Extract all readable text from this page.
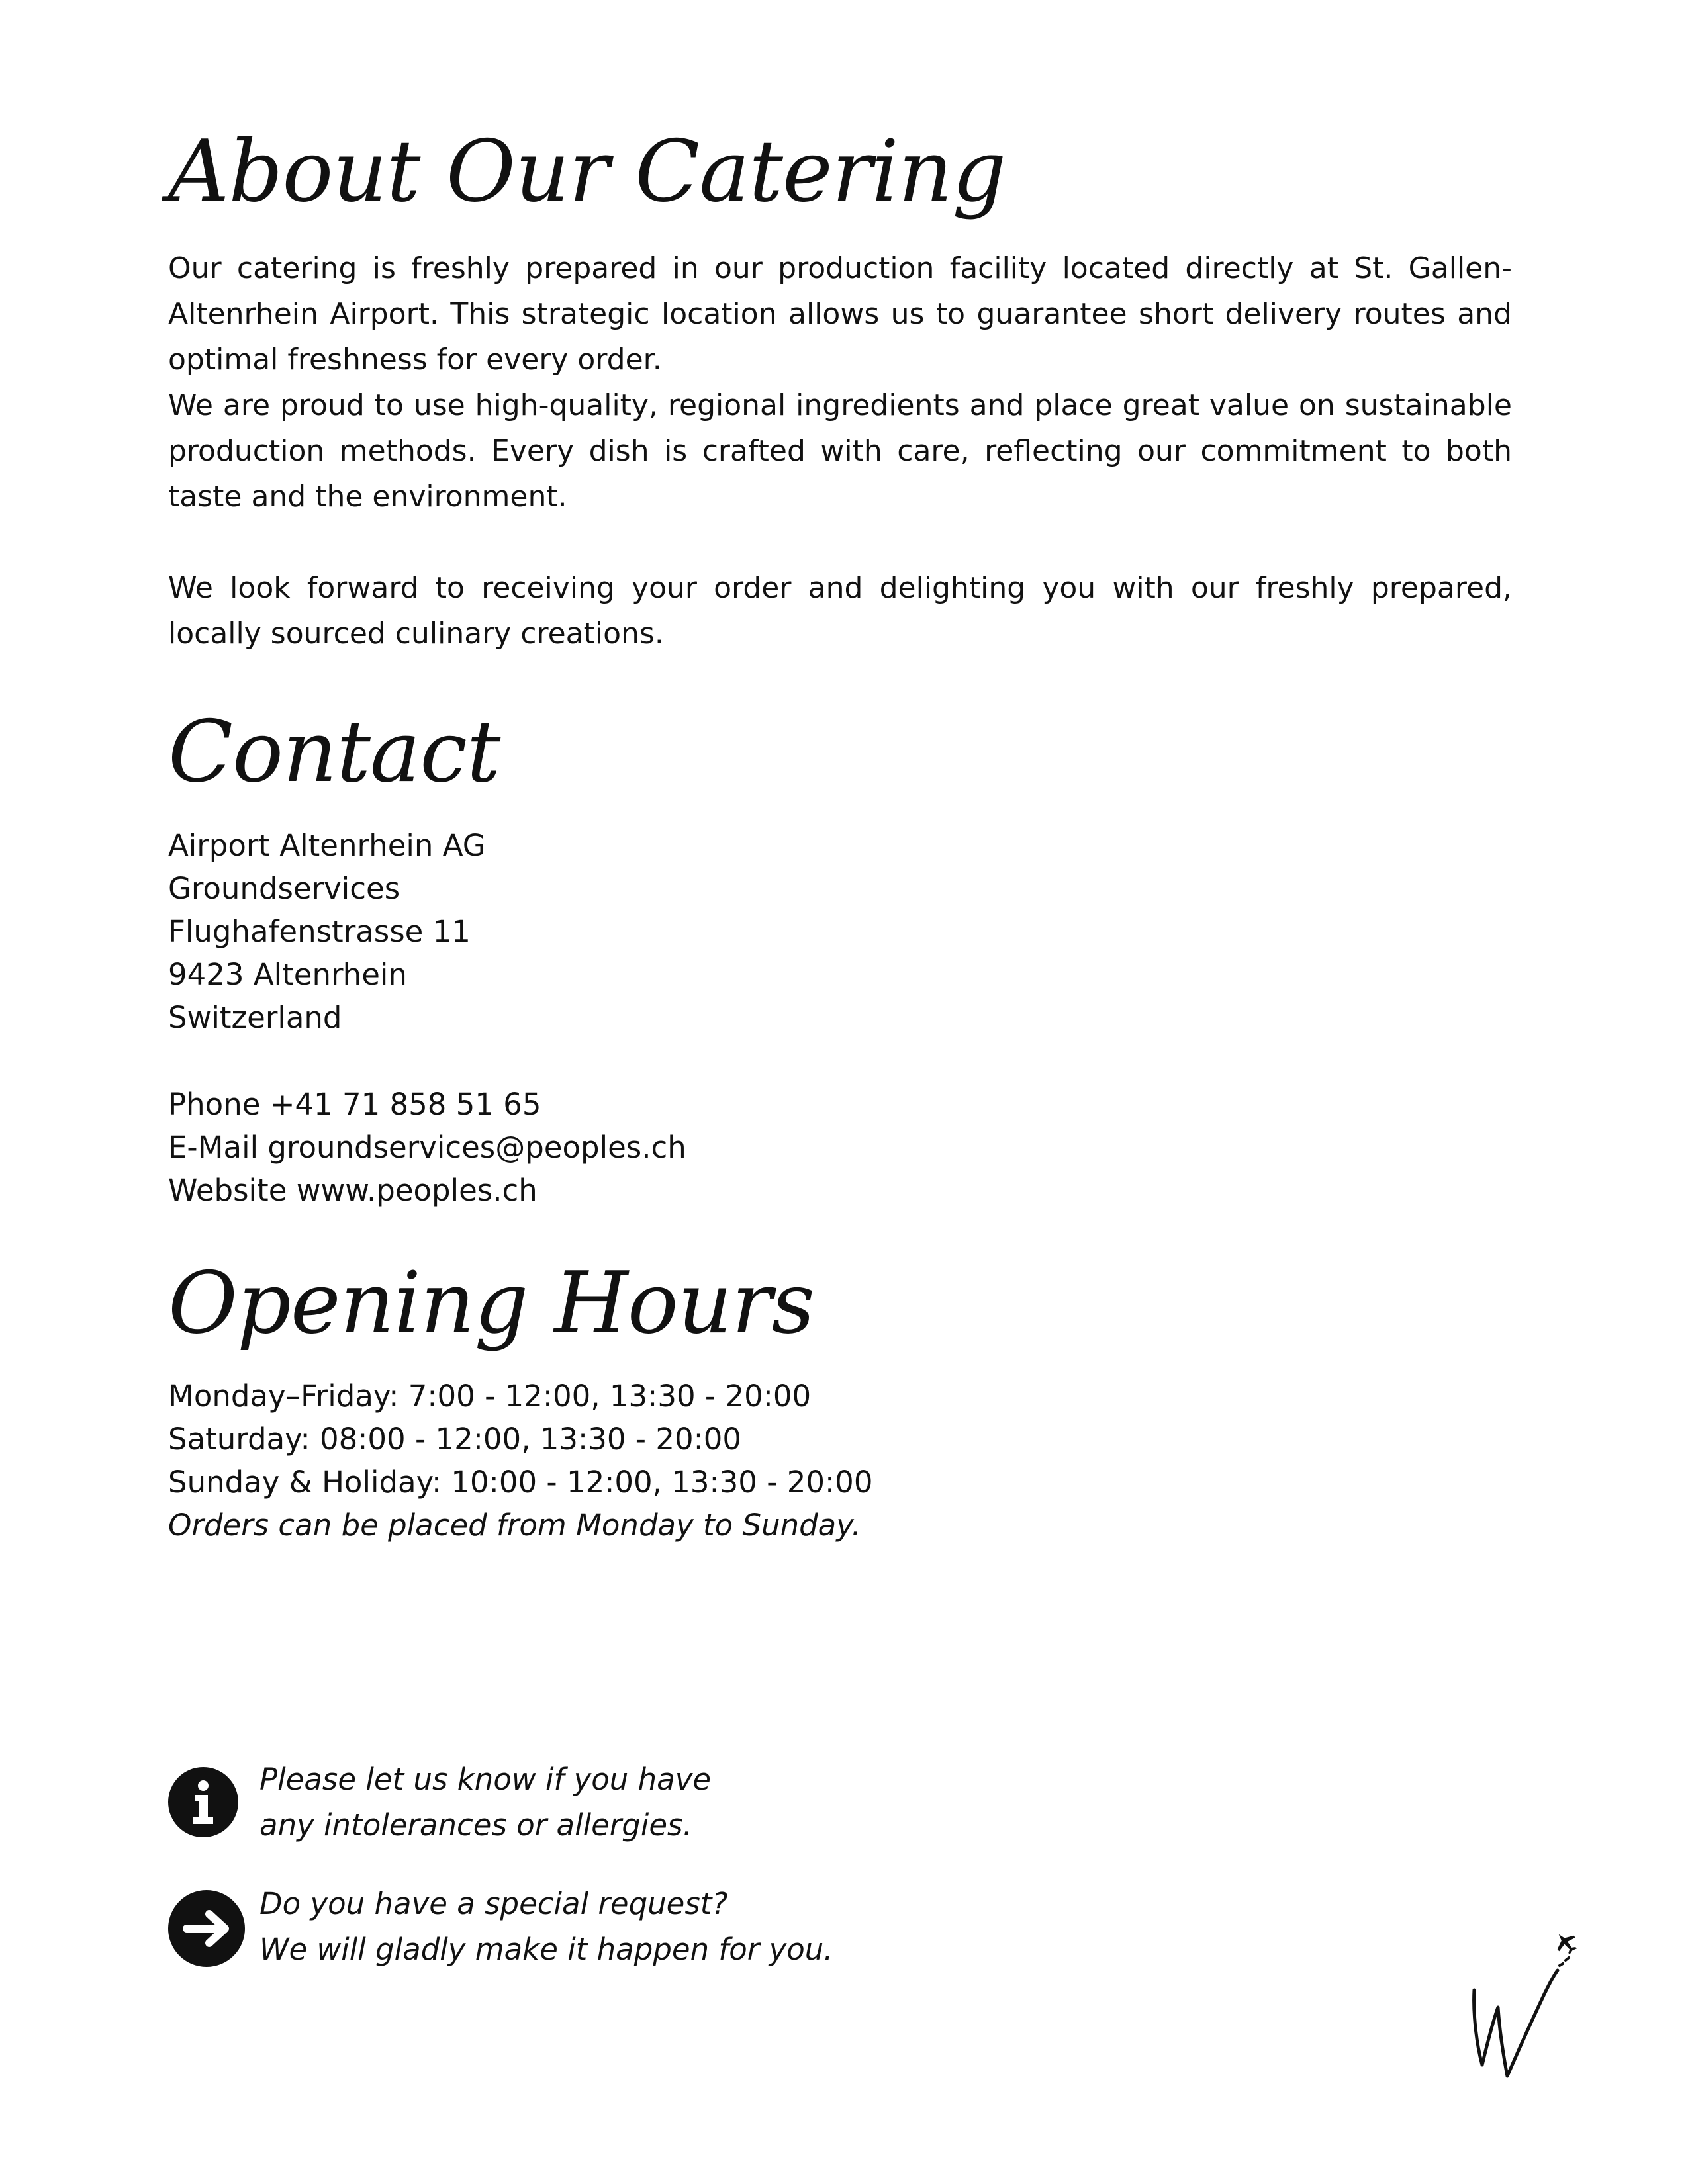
About Our Catering

Our catering is freshly prepared in our production facility located directly at St. Gallen-Altenrhein Airport. This strategic location allows us to guarantee short delivery routes and optimal freshness for every order.

We are proud to use high-quality, regional ingredients and place great value on sustainable production methods. Every dish is crafted with care, reflecting our commitment to both taste and the environment.

We look forward to receiving your order and delighting you with our freshly prepared, locally sourced culinary creations.

Contact
Airport Altenrhein AG
Groundservices
Flughafenstrasse 11
9423 Altenrhein
Switzerland
Phone +41 71 858 51 65
E-Mail groundservices@peoples.ch
Website www.peoples.ch
Opening Hours
Monday–Friday: 7:00 - 12:00, 13:30 - 20:00
Saturday: 08:00 - 12:00, 13:30 - 20:00
Sunday & Holiday: 10:00 - 12:00, 13:30 - 20:00
Orders can be placed from Monday to Sunday.
Please let us know if you have
any intolerances or allergies.
Do you have a special request?
We will gladly make it happen for you.
